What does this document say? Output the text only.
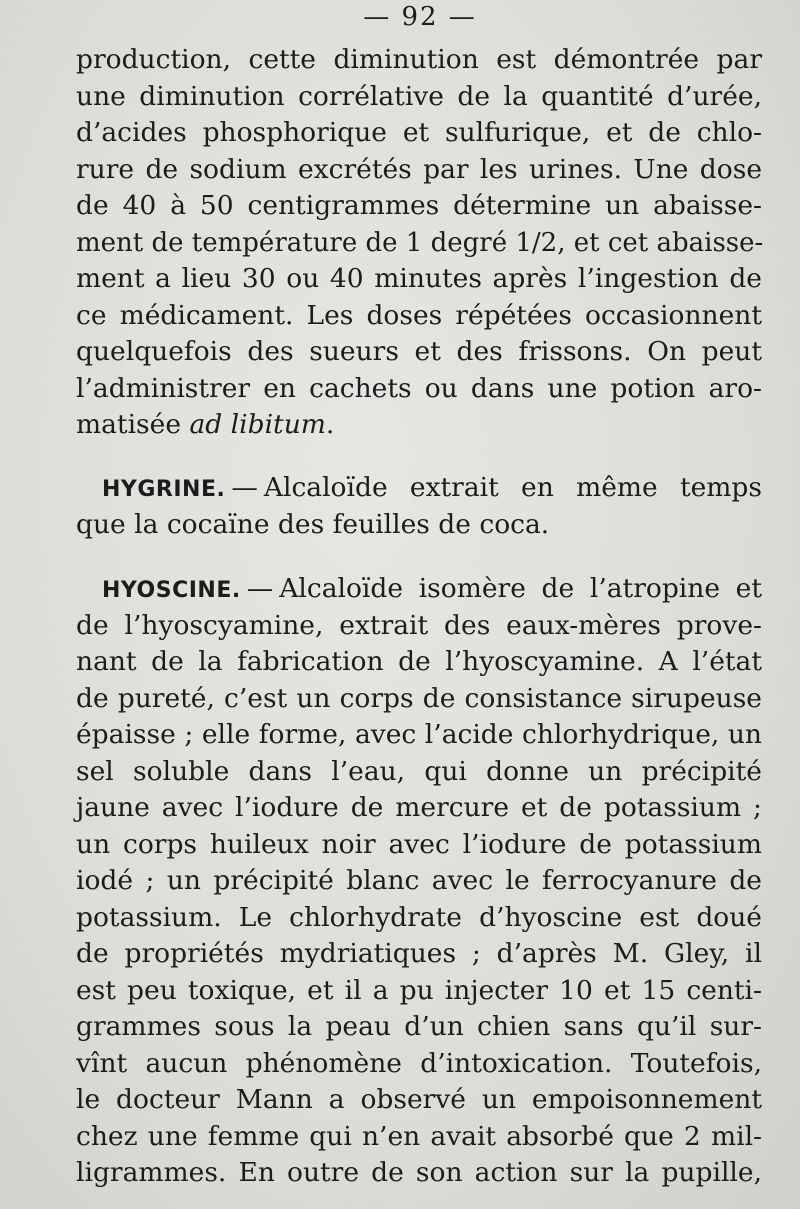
— 92 —
production, cette diminution est démontrée par
une diminution corrélative de la quantité d’urée,
d’acides phosphorique et sulfurique, et de chlo-
rure de sodium excrétés par les urines. Une dose
de 40 à 50 centigrammes détermine un abaisse-
ment de température de 1 degré 1/2, et cet abaisse-
ment a lieu 30 ou 40 minutes après l’ingestion de
ce médicament. Les doses répétées occasionnent
quelquefois des sueurs et des frissons. On peut
l’administrer en cachets ou dans une potion aro-
matisée ad libitum.
HYGRINE. — Alcaloïde extrait en même temps
que la cocaïne des feuilles de coca.
HYOSCINE. — Alcaloïde isomère de l’atropine et
de l’hyoscyamine, extrait des eaux-mères prove-
nant de la fabrication de l’hyoscyamine. A l’état
de pureté, c’est un corps de consistance sirupeuse
épaisse ; elle forme, avec l’acide chlorhydrique, un
sel soluble dans l’eau, qui donne un précipité
jaune avec l’iodure de mercure et de potassium ;
un corps huileux noir avec l’iodure de potassium
iodé ; un précipité blanc avec le ferrocyanure de
potassium. Le chlorhydrate d’hyoscine est doué
de propriétés mydriatiques ; d’après M. Gley, il
est peu toxique, et il a pu injecter 10 et 15 centi-
grammes sous la peau d’un chien sans qu’il sur-
vînt aucun phénomène d’intoxication. Toutefois,
le docteur Mann a observé un empoisonnement
chez une femme qui n’en avait absorbé que 2 mil-
ligrammes. En outre de son action sur la pupille,
